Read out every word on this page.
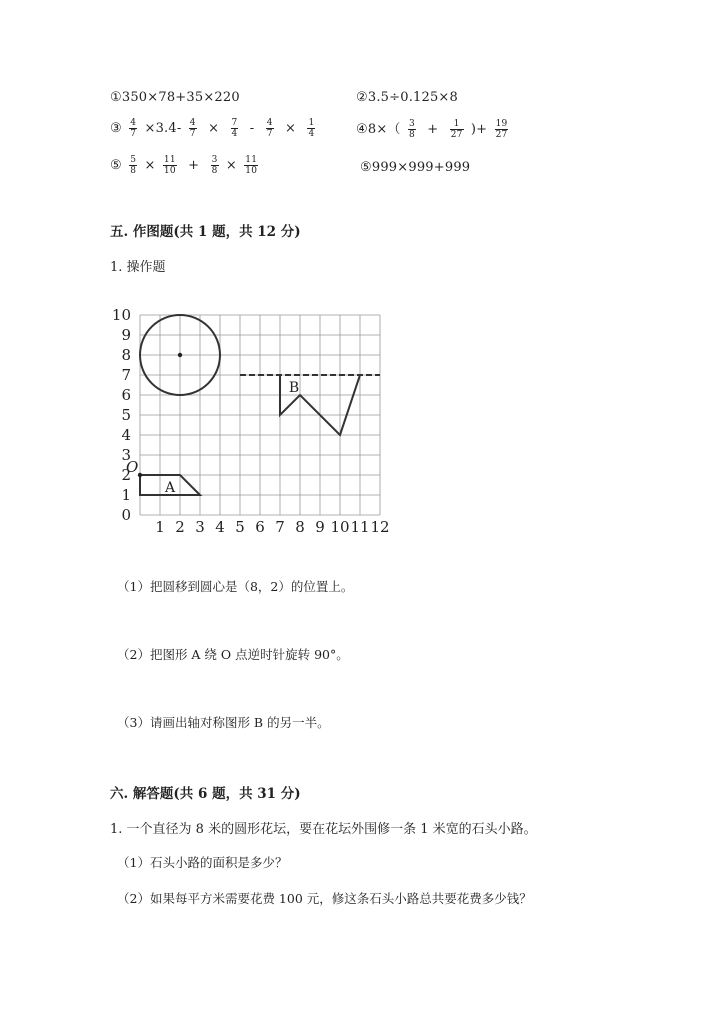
①350×78+35×220	②3.5÷0.125×8
③ $\frac{4}{7} \times 3.4- \frac{4}{7} \times \frac{7}{4} - \frac{4}{7} \times \frac{1}{4}$	④8×（ $\frac{3}{8} + \frac{1}{27}$ )+ $\frac{19}{27}$
⑤ $\frac{5}{8} \times \frac{11}{10} + \frac{3}{8} \times \frac{11}{10}$	⑤999×999+999
五. 作图题(共 1 题，共 12 分)
1. 操作题
1 2 3 4 5 6 7 8 9 10 11 12
0
1
2
3
4
5
6
7
8
9
10
O
A
B
（1）把圆移到圆心是（8，2）的位置上。
（2）把图形 A 绕 O 点逆时针旋转 90°。
（3）请画出轴对称图形 B 的另一半。
六. 解答题(共 6 题，共 31 分)
1. 一个直径为 8 米的圆形花坛，要在花坛外围修一条 1 米宽的石头小路。
（1）石头小路的面积是多少？
（2）如果每平方米需要花费 100 元，修这条石头小路总共要花费多少钱？
